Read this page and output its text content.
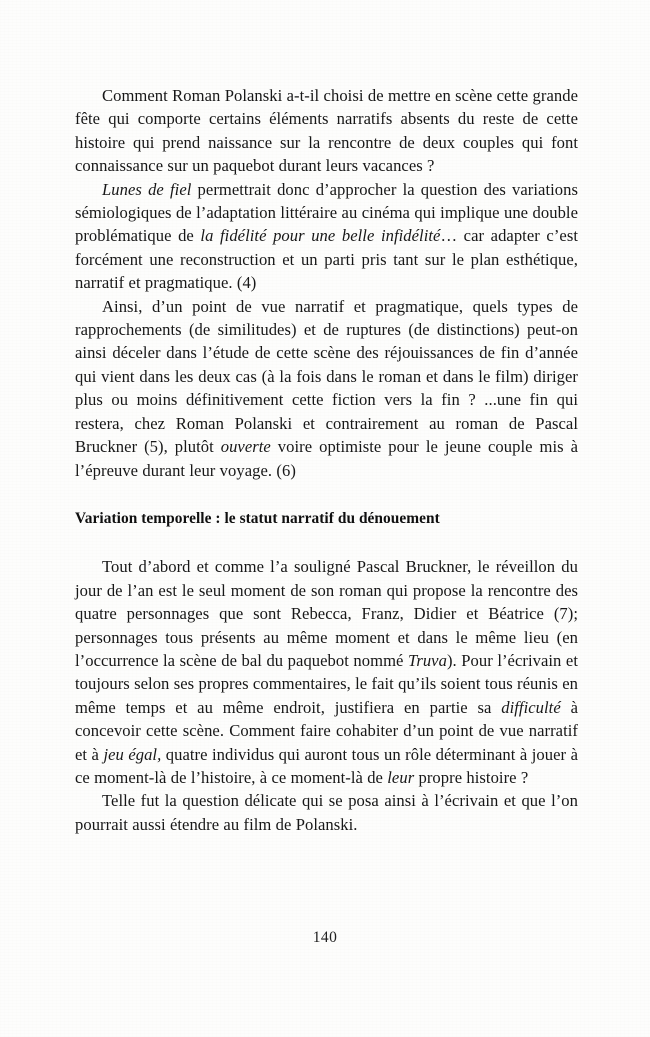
Comment Roman Polanski a-t-il choisi de mettre en scène cette grande fête qui comporte certains éléments narratifs absents du reste de cette histoire qui prend naissance sur la rencontre de deux couples qui font connaissance sur un paquebot durant leurs vacances ?

Lunes de fiel permettrait donc d’approcher la question des variations sémiologiques de l’adaptation littéraire au cinéma qui implique une double problématique de la fidélité pour une belle infidélité… car adapter c’est forcément une reconstruction et un parti pris tant sur le plan esthétique, narratif et pragmatique. (4)

Ainsi, d’un point de vue narratif et pragmatique, quels types de rapprochements (de similitudes) et de ruptures (de distinctions) peut-on ainsi déceler dans l’étude de cette scène des réjouissances de fin d’année qui vient dans les deux cas (à la fois dans le roman et dans le film) diriger plus ou moins définitivement cette fiction vers la fin ? ...une fin qui restera, chez Roman Polanski et contrairement au roman de Pascal Bruckner (5), plutôt ouverte voire optimiste pour le jeune couple mis à l’épreuve durant leur voyage. (6)

Variation temporelle : le statut narratif du dénouement

Tout d’abord et comme l’a souligné Pascal Bruckner, le réveillon du jour de l’an est le seul moment de son roman qui propose la rencontre des quatre personnages que sont Rebecca, Franz, Didier et Béatrice (7); personnages tous présents au même moment et dans le même lieu (en l’occurrence la scène de bal du paquebot nommé Truva). Pour l’écrivain et toujours selon ses propres commentaires, le fait qu’ils soient tous réunis en même temps et au même endroit, justifiera en partie sa difficulté à concevoir cette scène. Comment faire cohabiter d’un point de vue narratif et à jeu égal, quatre individus qui auront tous un rôle déterminant à jouer à ce moment-là de l’histoire, à ce moment-là de leur propre histoire ?

Telle fut la question délicate qui se posa ainsi à l’écrivain et que l’on pourrait aussi étendre au film de Polanski.

140
